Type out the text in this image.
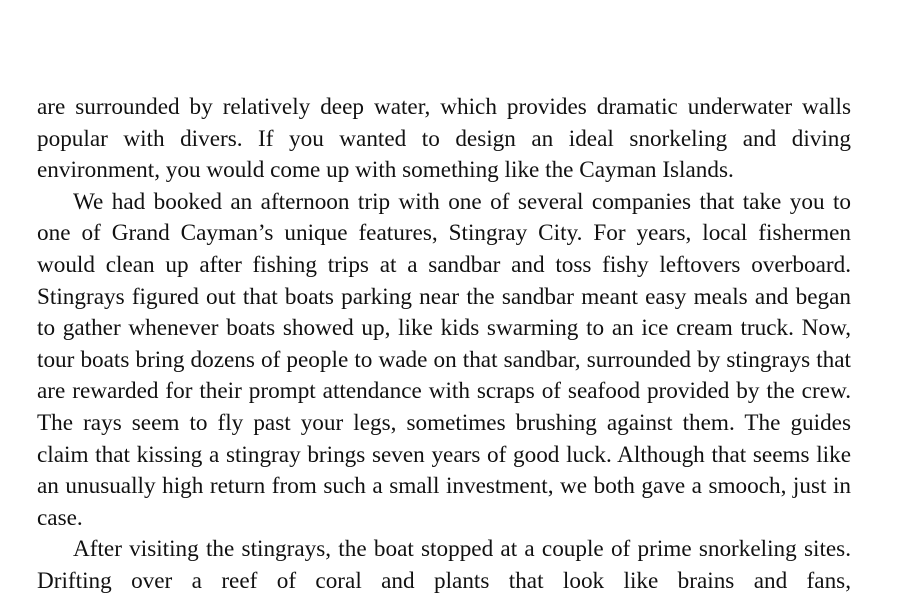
are surrounded by relatively deep water, which provides dramatic underwater walls popular with divers. If you wanted to design an ideal snorkeling and diving environment, you would come up with something like the Cayman Islands.

We had booked an afternoon trip with one of several companies that take you to one of Grand Cayman’s unique features, Stingray City. For years, local fishermen would clean up after fishing trips at a sandbar and toss fishy leftovers overboard. Stingrays figured out that boats parking near the sandbar meant easy meals and began to gather whenever boats showed up, like kids swarming to an ice cream truck. Now, tour boats bring dozens of people to wade on that sandbar, surrounded by stingrays that are rewarded for their prompt attendance with scraps of seafood provided by the crew. The rays seem to fly past your legs, sometimes brushing against them. The guides claim that kissing a stingray brings seven years of good luck. Although that seems like an unusually high return from such a small investment, we both gave a smooch, just in case.

After visiting the stingrays, the boat stopped at a couple of prime snorkeling sites. Drifting over a reef of coral and plants that look like brains and fans,
